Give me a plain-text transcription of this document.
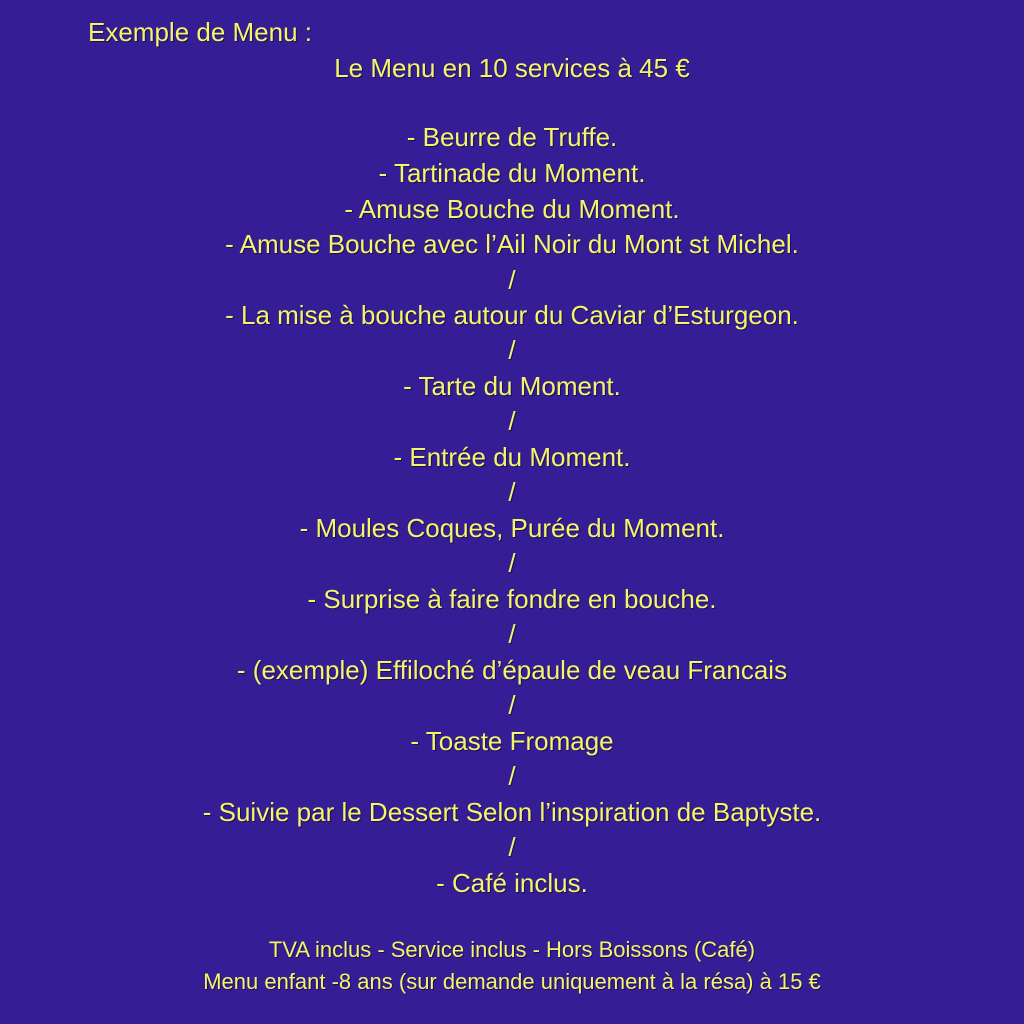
Exemple de Menu :
Le Menu en 10 services à 45 €
- Beurre de Truffe.
- Tartinade du Moment.
- Amuse Bouche du Moment.
- Amuse Bouche avec l’Ail Noir du Mont st Michel.
/
- La mise à bouche autour du Caviar d’Esturgeon.
/
- Tarte du Moment.
/
- Entrée du Moment.
/
- Moules Coques, Purée du Moment.
/
- Surprise à faire fondre en bouche.
/
- (exemple) Effiloché d’épaule de veau Francais
/
- Toaste Fromage
/
- Suivie par le Dessert Selon l’inspiration de Baptyste.
/
- Café inclus.
TVA inclus - Service inclus - Hors Boissons (Café)
Menu enfant -8 ans (sur demande uniquement à la résa) à 15 €
